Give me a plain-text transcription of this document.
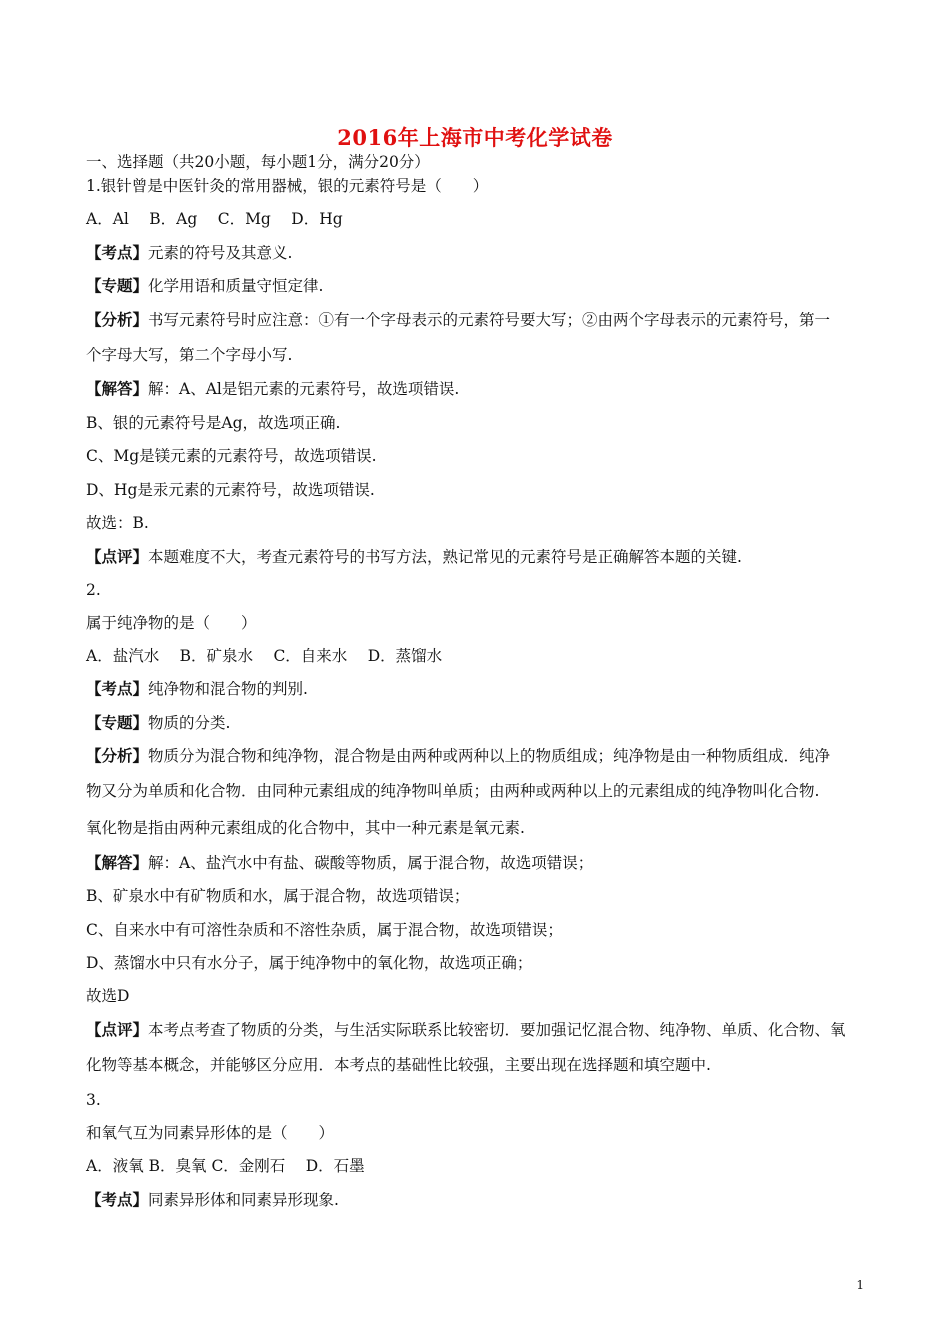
2016年上海市中考化学试卷
一、选择题（共20小题，每小题1分，满分20分）
1.银针曾是中医针灸的常用器械，银的元素符号是（　　）
A．Al　 B．Ag　 C．Mg　 D．Hg
【考点】元素的符号及其意义.
【专题】化学用语和质量守恒定律.
【分析】书写元素符号时应注意：①有一个字母表示的元素符号要大写；②由两个字母表示的元素符号，第一
个字母大写，第二个字母小写.
【解答】解：A、Al是铝元素的元素符号，故选项错误.
B、银的元素符号是Ag，故选项正确.
C、Mg是镁元素的元素符号，故选项错误.
D、Hg是汞元素的元素符号，故选项错误.
故选：B.
【点评】本题难度不大，考查元素符号的书写方法，熟记常见的元素符号是正确解答本题的关键.
2.
属于纯净物的是（　　）
A．盐汽水　 B．矿泉水　 C．自来水　 D．蒸馏水
【考点】纯净物和混合物的判别.
【专题】物质的分类.
【分析】物质分为混合物和纯净物，混合物是由两种或两种以上的物质组成；纯净物是由一种物质组成．纯净
物又分为单质和化合物．由同种元素组成的纯净物叫单质；由两种或两种以上的元素组成的纯净物叫化合物.
氧化物是指由两种元素组成的化合物中，其中一种元素是氧元素.
【解答】解：A、盐汽水中有盐、碳酸等物质，属于混合物，故选项错误；
B、矿泉水中有矿物质和水，属于混合物，故选项错误；
C、自来水中有可溶性杂质和不溶性杂质，属于混合物，故选项错误；
D、蒸馏水中只有水分子，属于纯净物中的氧化物，故选项正确；
故选D
【点评】本考点考查了物质的分类，与生活实际联系比较密切．要加强记忆混合物、纯净物、单质、化合物、氧
化物等基本概念，并能够区分应用．本考点的基础性比较强，主要出现在选择题和填空题中.
3.
和氧气互为同素异形体的是（　　）
A．液氧 B．臭氧 C．金刚石　 D．石墨
【考点】同素异形体和同素异形现象.
1
